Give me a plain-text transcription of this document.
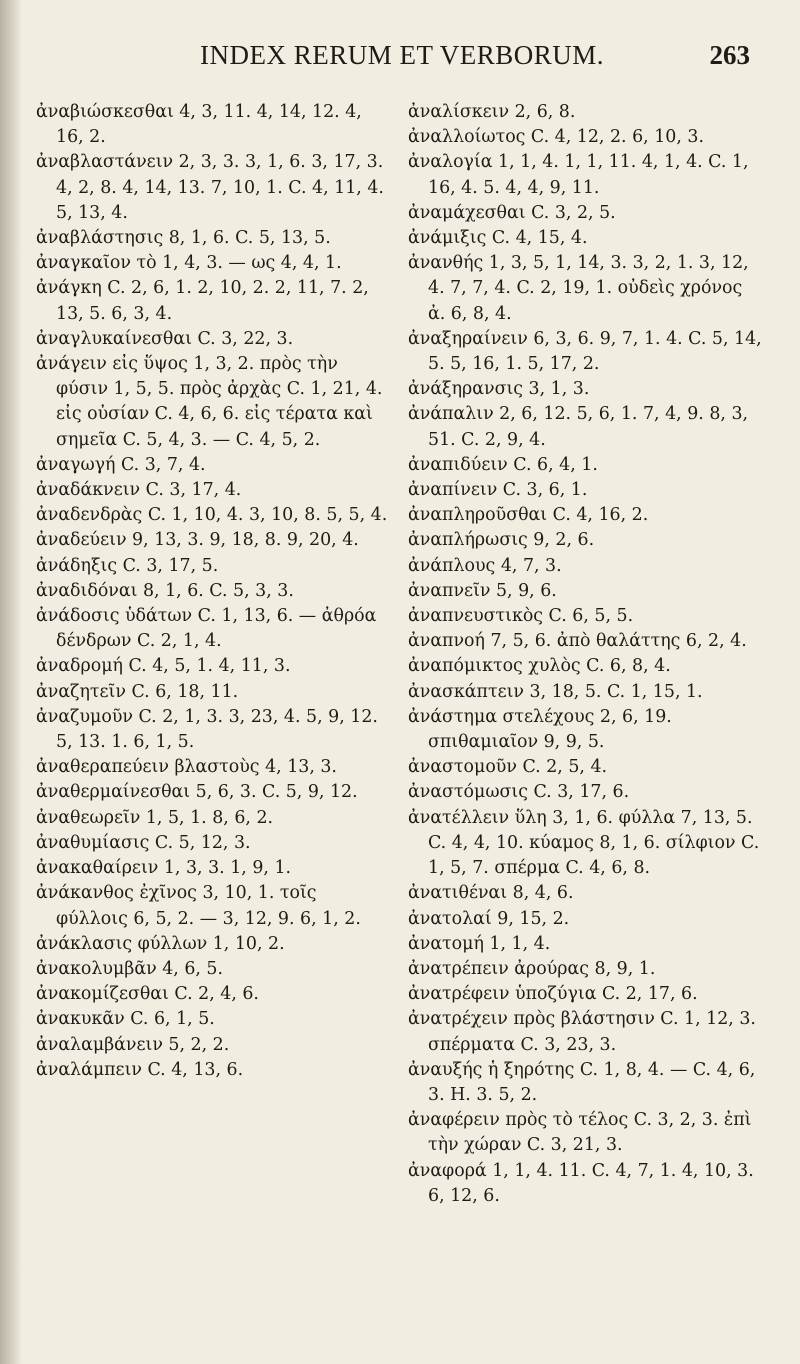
INDEX RERUM ET VERBORUM.	263

ἀναβιώσκεσθαι 4, 3, 11. 4, 14, 12. 4, 16, 2.

ἀναβλαστάνειν 2, 3, 3. 3, 1, 6. 3, 17, 3. 4, 2, 8. 4, 14, 13. 7, 10, 1. C. 4, 11, 4. 5, 13, 4.

ἀναβλάστησις 8, 1, 6. C. 5, 13, 5.

ἀναγκαῖον τὸ 1, 4, 3. — ως 4, 4, 1.

ἀνάγκη C. 2, 6, 1. 2, 10, 2. 2, 11, 7. 2, 13, 5. 6, 3, 4.

ἀναγλυκαίνεσθαι C. 3, 22, 3.

ἀνάγειν εἰς ὕψος 1, 3, 2. πρὸς τὴν φύσιν 1, 5, 5. πρὸς ἀρχὰς C. 1, 21, 4. εἰς οὐσίαν C. 4, 6, 6. εἰς τέρατα καὶ σημεῖα C. 5, 4, 3. — C. 4, 5, 2.

ἀναγωγή C. 3, 7, 4.

ἀναδάκνειν C. 3, 17, 4.

ἀναδενδρὰς C. 1, 10, 4. 3, 10, 8. 5, 5, 4.

ἀναδεύειν 9, 13, 3. 9, 18, 8. 9, 20, 4.

ἀνάδηξις C. 3, 17, 5.

ἀναδιδόναι 8, 1, 6. C. 5, 3, 3.

ἀνάδοσις ὑδάτων C. 1, 13, 6. — ἀθρόα δένδρων C. 2, 1, 4.

ἀναδρομή C. 4, 5, 1. 4, 11, 3.

ἀναζητεῖν C. 6, 18, 11.

ἀναζυμοῦν C. 2, 1, 3. 3, 23, 4. 5, 9, 12. 5, 13. 1. 6, 1, 5.

ἀναθεραπεύειν βλαστοὺς 4, 13, 3.

ἀναθερμαίνεσθαι 5, 6, 3. C. 5, 9, 12.

ἀναθεωρεῖν 1, 5, 1. 8, 6, 2.

ἀναθυμίασις C. 5, 12, 3.

ἀνακαθαίρειν 1, 3, 3. 1, 9, 1.

ἀνάκανθος ἐχῖνος 3, 10, 1. τοῖς φύλλοις 6, 5, 2. — 3, 12, 9. 6, 1, 2.

ἀνάκλασις φύλλων 1, 10, 2.

ἀνακολυμβᾶν 4, 6, 5.

ἀνακομίζεσθαι C. 2, 4, 6.

ἀνακυκᾶν C. 6, 1, 5.

ἀναλαμβάνειν 5, 2, 2.

ἀναλάμπειν C. 4, 13, 6.

ἀναλίσκειν 2, 6, 8.

ἀναλλοίωτος C. 4, 12, 2. 6, 10, 3.

ἀναλογία 1, 1, 4. 1, 1, 11. 4, 1, 4. C. 1, 16, 4. 5. 4, 4, 9, 11.

ἀναμάχεσθαι C. 3, 2, 5.

ἀνάμιξις C. 4, 15, 4.

ἀνανθής 1, 3, 5, 1, 14, 3. 3, 2, 1. 3, 12, 4. 7, 7, 4. C. 2, 19, 1. οὐδεὶς χρόνος ἀ. 6, 8, 4.

ἀναξηραίνειν 6, 3, 6. 9, 7, 1. 4. C. 5, 14, 5. 5, 16, 1. 5, 17, 2.

ἀνάξηρανσις 3, 1, 3.

ἀνάπαλιν 2, 6, 12. 5, 6, 1. 7, 4, 9. 8, 3, 51. C. 2, 9, 4.

ἀναπιδύειν C. 6, 4, 1.

ἀναπίνειν C. 3, 6, 1.

ἀναπληροῦσθαι C. 4, 16, 2.

ἀναπλήρωσις 9, 2, 6.

ἀνάπλους 4, 7, 3.

ἀναπνεῖν 5, 9, 6.

ἀναπνευστικὸς C. 6, 5, 5.

ἀναπνοή 7, 5, 6. ἀπὸ θαλάττης 6, 2, 4.

ἀναπόμικτος χυλὸς C. 6, 8, 4.

ἀνασκάπτειν 3, 18, 5. C. 1, 15, 1.

ἀνάστημα στελέχους 2, 6, 19. σπιθαμιαῖον 9, 9, 5.

ἀναστομοῦν C. 2, 5, 4.

ἀναστόμωσις C. 3, 17, 6.

ἀνατέλλειν ὕλη 3, 1, 6. φύλλα 7, 13, 5. C. 4, 4, 10. κύαμος 8, 1, 6. σίλφιον C. 1, 5, 7. σπέρμα C. 4, 6, 8.

ἀνατιθέναι 8, 4, 6.

ἀνατολαί 9, 15, 2.

ἀνατομή 1, 1, 4.

ἀνατρέπειν ἀρούρας 8, 9, 1.

ἀνατρέφειν ὑποζύγια C. 2, 17, 6.

ἀνατρέχειν πρὸς βλάστησιν C. 1, 12, 3. σπέρματα C. 3, 23, 3.

ἀναυξής ἡ ξηρότης C. 1, 8, 4. — C. 4, 6, 3. H. 3. 5, 2.

ἀναφέρειν πρὸς τὸ τέλος C. 3, 2, 3. ἐπὶ τὴν χώραν C. 3, 21, 3.

ἀναφορά 1, 1, 4. 11. C. 4, 7, 1. 4, 10, 3. 6, 12, 6.
